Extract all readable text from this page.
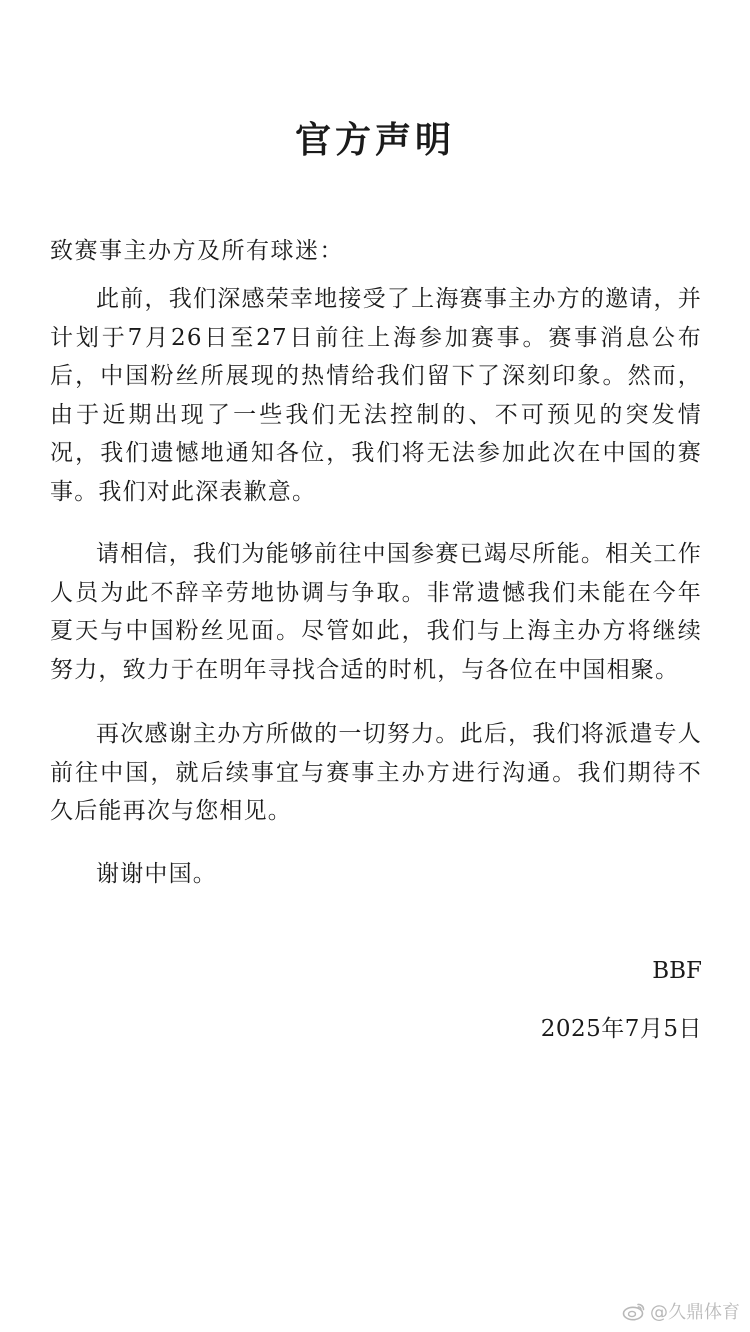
官方声明
致赛事主办方及所有球迷：
此前，我们深感荣幸地接受了上海赛事主办方的邀请，并计划于7月26日至27日前往上海参加赛事。赛事消息公布后，中国粉丝所展现的热情给我们留下了深刻印象。然而，由于近期出现了一些我们无法控制的、不可预见的突发情况，我们遗憾地通知各位，我们将无法参加此次在中国的赛事。我们对此深表歉意。
请相信，我们为能够前往中国参赛已竭尽所能。相关工作人员为此不辞辛劳地协调与争取。非常遗憾我们未能在今年夏天与中国粉丝见面。尽管如此，我们与上海主办方将继续努力，致力于在明年寻找合适的时机，与各位在中国相聚。
再次感谢主办方所做的一切努力。此后，我们将派遣专人前往中国，就后续事宜与赛事主办方进行沟通。我们期待不久后能再次与您相见。
谢谢中国。
BBF
2025年7月5日
@久鼎体育
